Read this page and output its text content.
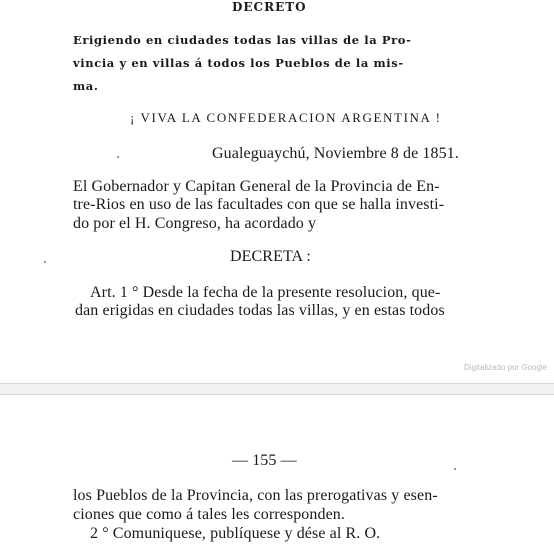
DECRETO

Erigiendo en ciudades todas las villas de la Pro-

vincia y en villas á todos los Pueblos de la mis-

ma.

¡ VIVA LA CONFEDERACION ARGENTINA !

Gualeguaychú, Noviembre 8 de 1851.

El Gobernador y Capitan General de la Provincia de En-

tre-Rios en uso de las facultades con que se halla investi-

do por el H. Congreso, ha acordado y

DECRETA :

Art. 1 ° Desde la fecha de la presente resolucion, que-

dan erigidas en ciudades todas las villas, y en estas todos

Digitalizado por Google

— 155 —

los Pueblos de la Provincia, con las prerogativas y esen-

ciones que como á tales les corresponden.

2 ° Comuniquese, publíquese y dése al R. O.
